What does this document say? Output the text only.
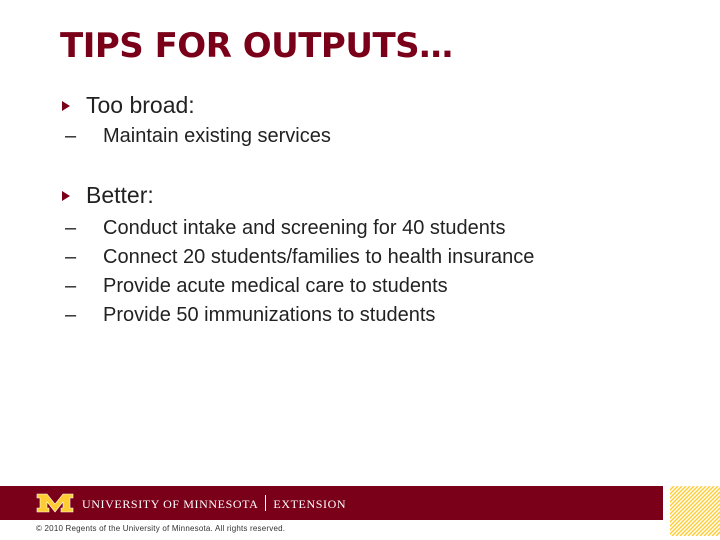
TIPS FOR OUTPUTS…
Too broad:
–	Maintain existing services
Better:
–	Conduct intake and screening for 40 students
–	Connect 20 students/families to health insurance
–	Provide acute medical care to students
–	Provide 50 immunizations to students
UNIVERSITY OF MINNESOTA EXTENSION
© 2010 Regents of the University of Minnesota. All rights reserved.
